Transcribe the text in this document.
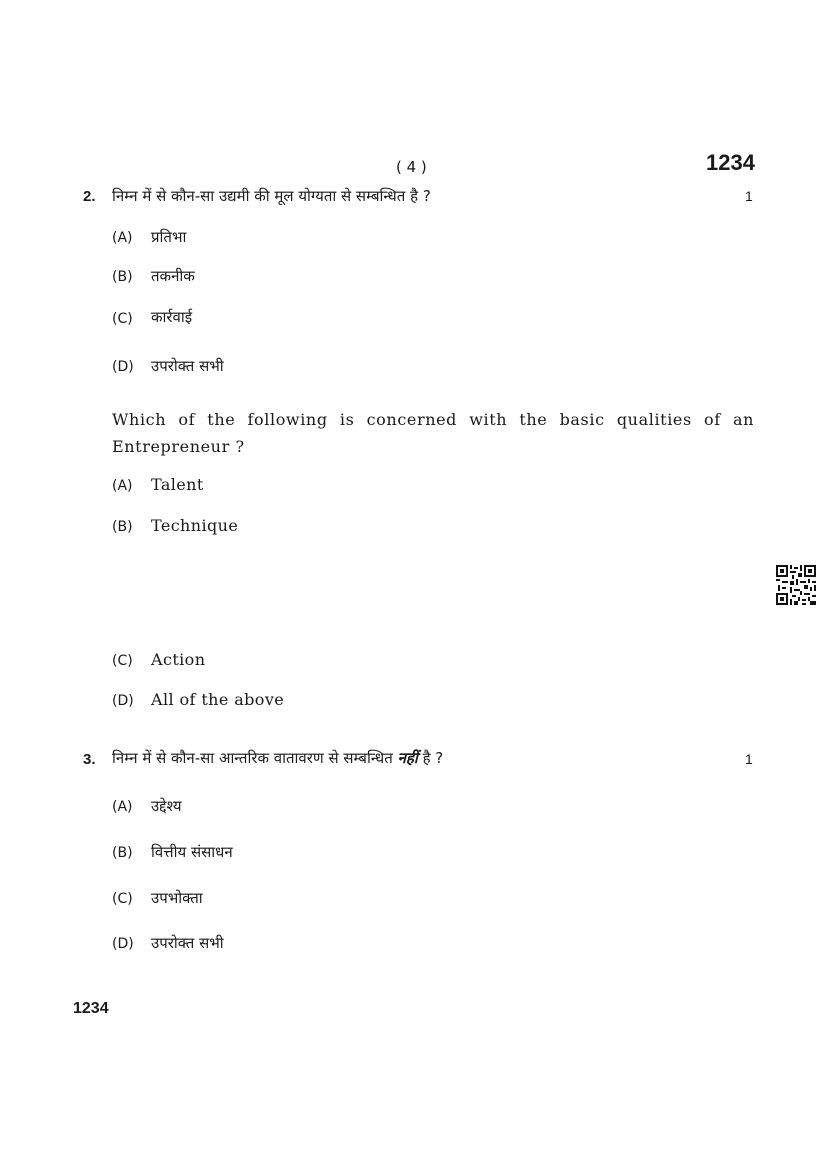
( 4 )	1234
2. निम्न में से कौन-सा उद्यमी की मूल योग्यता से सम्बन्धित है ?	1
(A) प्रतिभा
(B) तकनीक
(C) कार्रवाई
(D) उपरोक्त सभी
Which of the following is concerned with the basic qualities of an
Entrepreneur ?
(A) Talent
(B) Technique
(C) Action
(D) All of the above
3. निम्न में से कौन-सा आन्तरिक वातावरण से सम्बन्धित नहीं है ?	1
(A) उद्देश्य
(B) वित्तीय संसाधन
(C) उपभोक्ता
(D) उपरोक्त सभी
1234
